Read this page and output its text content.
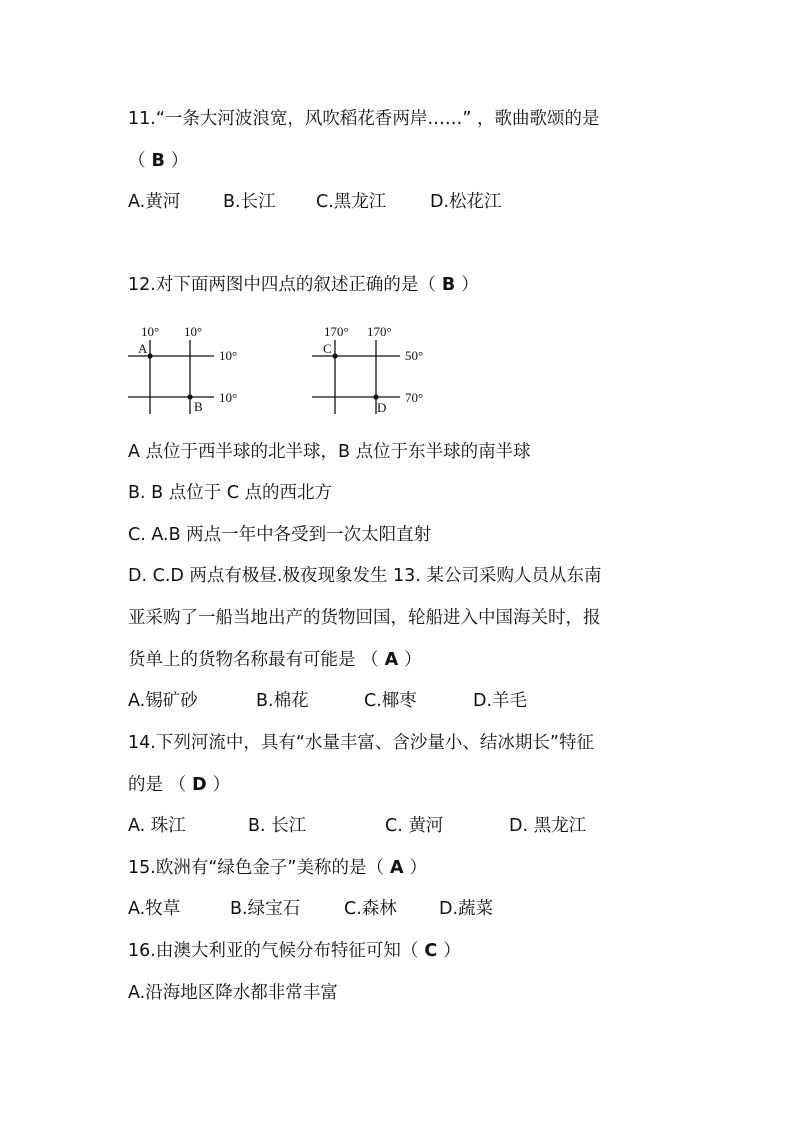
11.“一条大河波浪宽，风吹稻花香两岸……” ，歌曲歌颂的是
（ B ）
A.黄河 B.长江 C.黑龙江 D.松花江
12.对下面两图中四点的叙述正确的是（ B ）
10° 10°
10°
10°
A
B
170° 170°
50°
70°
C
D
A 点位于西半球的北半球，B 点位于东半球的南半球
B. B 点位于 C 点的西北方
C. A.B 两点一年中各受到一次太阳直射
D. C.D 两点有极昼.极夜现象发生 13. 某公司采购人员从东南
亚采购了一船当地出产的货物回国，轮船进入中国海关时，报
货单上的货物名称最有可能是 （ A ）
A.锡矿砂	B.棉花	C.椰枣	D.羊毛
14.下列河流中，具有“水量丰富、含沙量小、结冰期长”特征
的是 （ D ）
A. 珠江	B. 长江	C. 黄河	D. 黑龙江
15.欧洲有“绿色金子”美称的是（ A ）
A.牧草	B.绿宝石	C.森林 D.蔬菜
16.由澳大利亚的气候分布特征可知（ C ）
A.沿海地区降水都非常丰富
